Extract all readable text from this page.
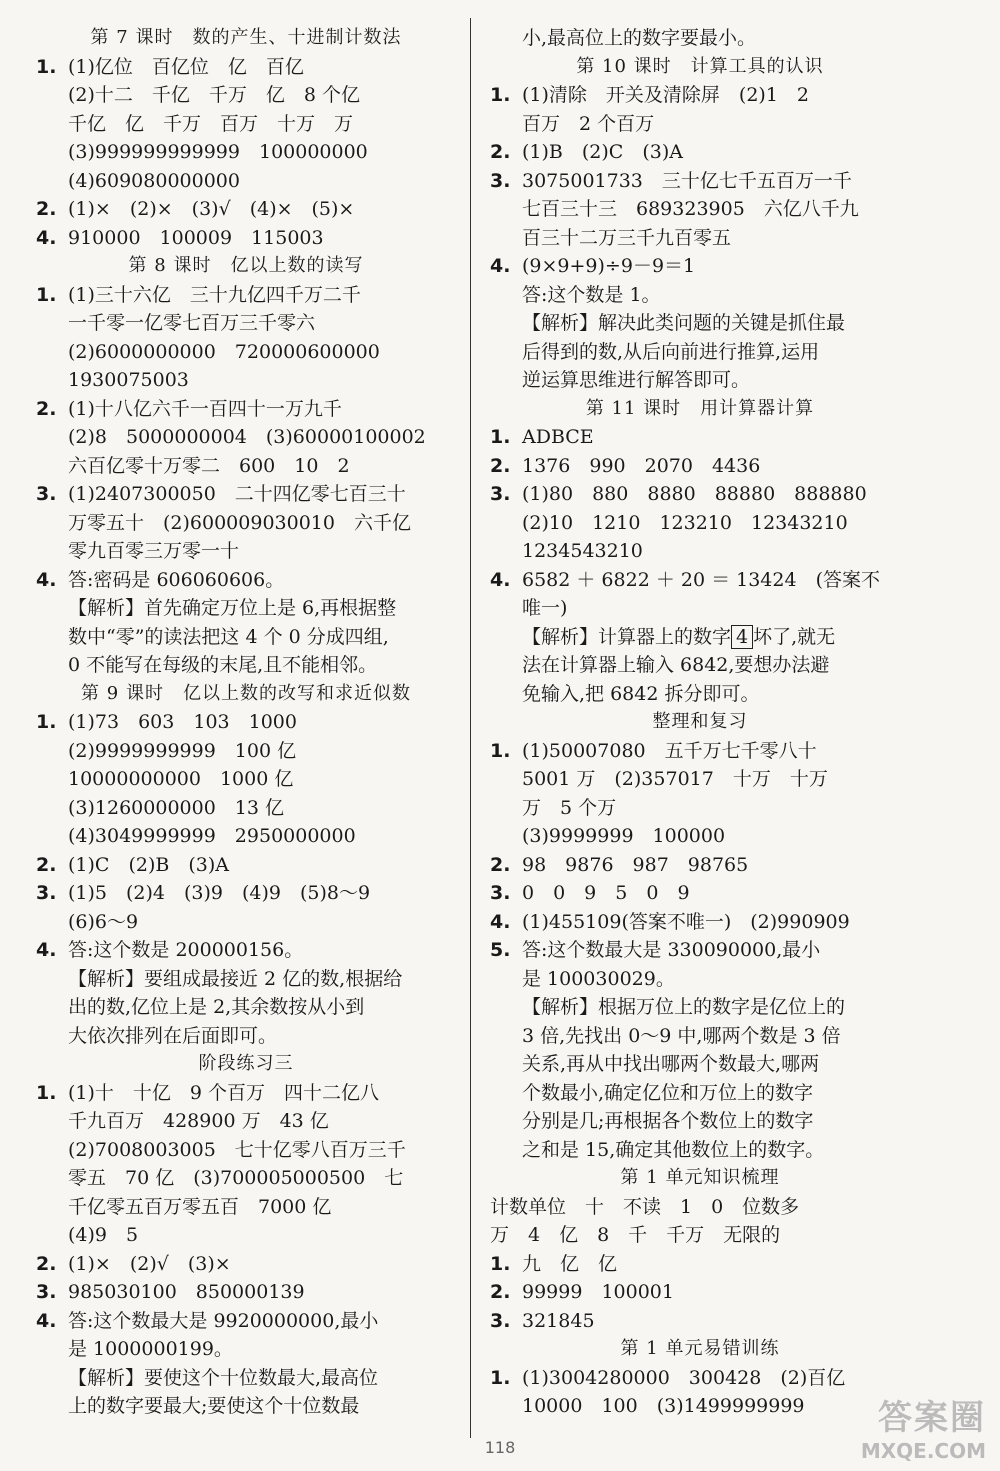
第 7 课时　数的产生、十进制计数法
1. (1)亿位　百亿位　亿　百亿
(2)十二　千亿　千万　亿　8 个亿
千亿　亿　千万　百万　十万　万
(3)999999999999　100000000
(4)609080000000
2. (1)×　(2)×　(3)√　(4)×　(5)×
4. 910000　100009　115003
第 8 课时　亿以上数的读写
1. (1)三十六亿　三十九亿四千万二千
一千零一亿零七百万三千零六
(2)6000000000　720000600000
1930075003
2. (1)十八亿六千一百四十一万九千
(2)8　5000000004　(3)60000100002
六百亿零十万零二　600　10　2
3. (1)2407300050　二十四亿零七百三十
万零五十　(2)600009030010　六千亿
零九百零三万零一十
4. 答:密码是 606060606。
【解析】首先确定万位上是 6,再根据整
数中“零”的读法把这 4 个 0 分成四组,
0 不能写在每级的末尾,且不能相邻。
第 9 课时　亿以上数的改写和求近似数
1. (1)73　603　103　1000
(2)9999999999　100 亿
10000000000　1000 亿
(3)1260000000　13 亿
(4)3049999999　2950000000
2. (1)C　(2)B　(3)A
3. (1)5　(2)4　(3)9　(4)9　(5)8～9
(6)6～9
4. 答:这个数是 200000156。
【解析】要组成最接近 2 亿的数,根据给
出的数,亿位上是 2,其余数按从小到
大依次排列在后面即可。
阶段练习三
1. (1)十　十亿　9 个百万　四十二亿八
千九百万　428900 万　43 亿
(2)7008003005　七十亿零八百万三千
零五　70 亿　(3)700005000500　七
千亿零五百万零五百　7000 亿
(4)9　5
2. (1)×　(2)√　(3)×
3. 985030100　850000139
4. 答:这个数最大是 9920000000,最小
是 1000000199。
【解析】要使这个十位数最大,最高位
上的数字要最大;要使这个十位数最
小,最高位上的数字要最小。
第 10 课时　计算工具的认识
1. (1)清除　开关及清除屏　(2)1　2
百万　2 个百万
2. (1)B　(2)C　(3)A
3. 3075001733　三十亿七千五百万一千
七百三十三　689323905　六亿八千九
百三十二万三千九百零五
4. (9×9+9)÷9－9＝1
答:这个数是 1。
【解析】解决此类问题的关键是抓住最
后得到的数,从后向前进行推算,运用
逆运算思维进行解答即可。
第 11 课时　用计算器计算
1. ADBCE
2. 1376　990　2070　4436
3. (1)80　880　8880　88880　888880
(2)10　1210　123210　12343210
1234543210
4. 6582 ＋ 6822 ＋ 20 ＝ 13424　(答案不
唯一)
【解析】计算器上的数字 4 坏了,就无
法在计算器上输入 6842,要想办法避
免输入,把 6842 拆分即可。
整理和复习
1. (1)50007080　五千万七千零八十
5001 万　(2)357017　十万　十万
万　5 个万
(3)9999999　100000
2. 98　9876　987　98765
3. 0　0　9　5　0　9
4. (1)455109(答案不唯一)　(2)990909
5. 答:这个数最大是 330090000,最小
是 100030029。
【解析】根据万位上的数字是亿位上的
3 倍,先找出 0～9 中,哪两个数是 3 倍
关系,再从中找出哪两个数最大,哪两
个数最小,确定亿位和万位上的数字
分别是几;再根据各个数位上的数字
之和是 15,确定其他数位上的数字。
第 1 单元知识梳理
计数单位　十　不读　1　0　位数多
万　4　亿　8　千　千万　无限的
1. 九　亿　亿
2. 99999　100001
3. 321845
第 1 单元易错训练
1. (1)3004280000　300428　(2)百亿
10000　100　(3)1499999999
118
答案圈
MXQE.COM
